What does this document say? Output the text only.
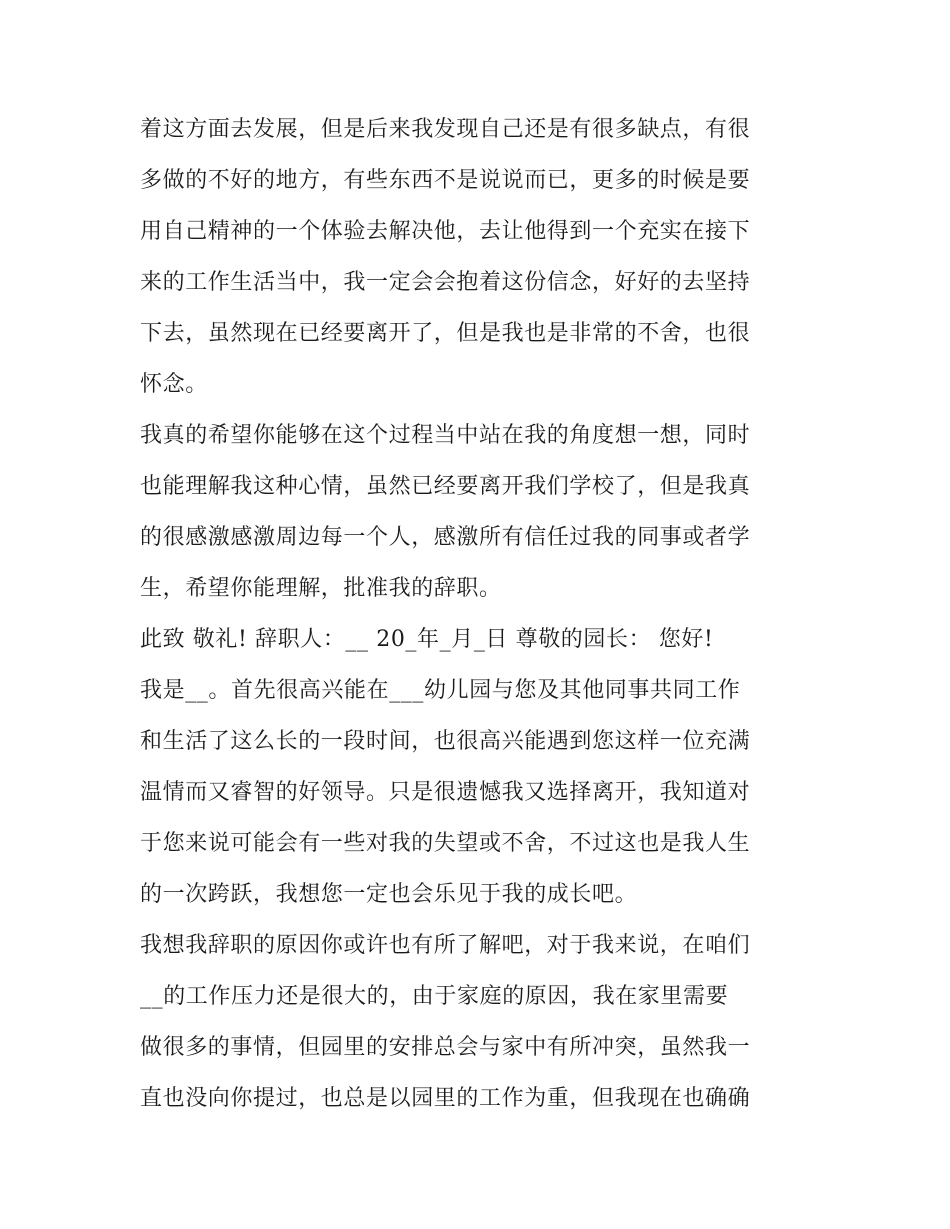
着这方面去发展，但是后来我发现自己还是有很多缺点，有很
多做的不好的地方，有些东西不是说说而已，更多的时候是要
用自己精神的一个体验去解决他，去让他得到一个充实在接下
来的工作生活当中，我一定会会抱着这份信念，好好的去坚持
下去，虽然现在已经要离开了，但是我也是非常的不舍，也很
怀念。
我真的希望你能够在这个过程当中站在我的角度想一想，同时
也能理解我这种心情，虽然已经要离开我们学校了，但是我真
的很感激感激周边每一个人，感激所有信任过我的同事或者学
生，希望你能理解，批准我的辞职。
此致 敬礼! 辞职人：__ 20_年_月_日 尊敬的园长： 您好!
我是__。首先很高兴能在___幼儿园与您及其他同事共同工作
和生活了这么长的一段时间，也很高兴能遇到您这样一位充满
温情而又睿智的好领导。只是很遗憾我又选择离开，我知道对
于您来说可能会有一些对我的失望或不舍，不过这也是我人生
的一次跨跃，我想您一定也会乐见于我的成长吧。
我想我辞职的原因你或许也有所了解吧，对于我来说，在咱们
__的工作压力还是很大的，由于家庭的原因，我在家里需要
做很多的事情，但园里的安排总会与家中有所冲突，虽然我一
直也没向你提过，也总是以园里的工作为重，但我现在也确确
